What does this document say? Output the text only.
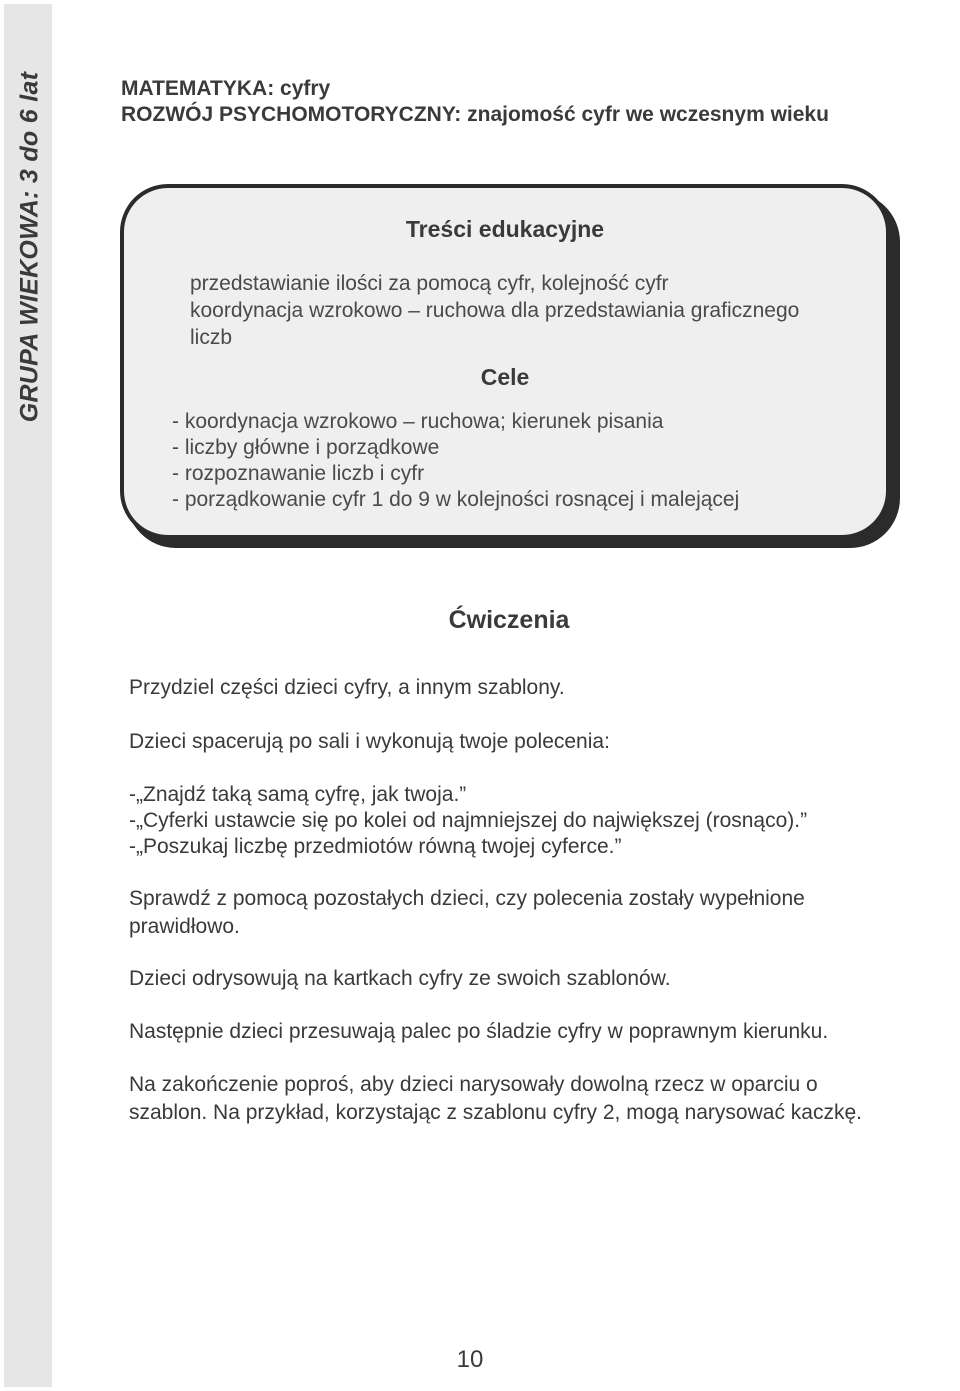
GRUPA WIEKOWA: 3 do 6 lat	MATEMATYKA: cyfry
ROZWÓJ PSYCHOMOTORYCZNY: znajomość cyfr we wczesnym wieku
Treści edukacyjne
przedstawianie ilości za pomocą cyfr, kolejność cyfr
koordynacja wzrokowo – ruchowa dla przedstawiania graficznego
liczb
Cele
- koordynacja wzrokowo – ruchowa; kierunek pisania
- liczby główne i porządkowe
- rozpoznawanie liczb i cyfr
- porządkowanie cyfr 1 do 9 w kolejności rosnącej i malejącej
Ćwiczenia
Przydziel części dzieci cyfry, a innym szablony.
Dzieci spacerują po sali i wykonują twoje polecenia:
-„Znajdź taką samą cyfrę, jak twoja.”
-„Cyferki ustawcie się po kolei od najmniejszej do największej (rosnąco).”
-„Poszukaj liczbę przedmiotów równą twojej cyferce.”
Sprawdź z pomocą pozostałych dzieci, czy polecenia zostały wypełnione
prawidłowo.
Dzieci odrysowują na kartkach cyfry ze swoich szablonów.
Następnie dzieci przesuwają palec po śladzie cyfry w poprawnym kierunku.
Na zakończenie poproś, aby dzieci narysowały dowolną rzecz w oparciu o
szablon. Na przykład, korzystając z szablonu cyfry 2, mogą narysować kaczkę.
10
